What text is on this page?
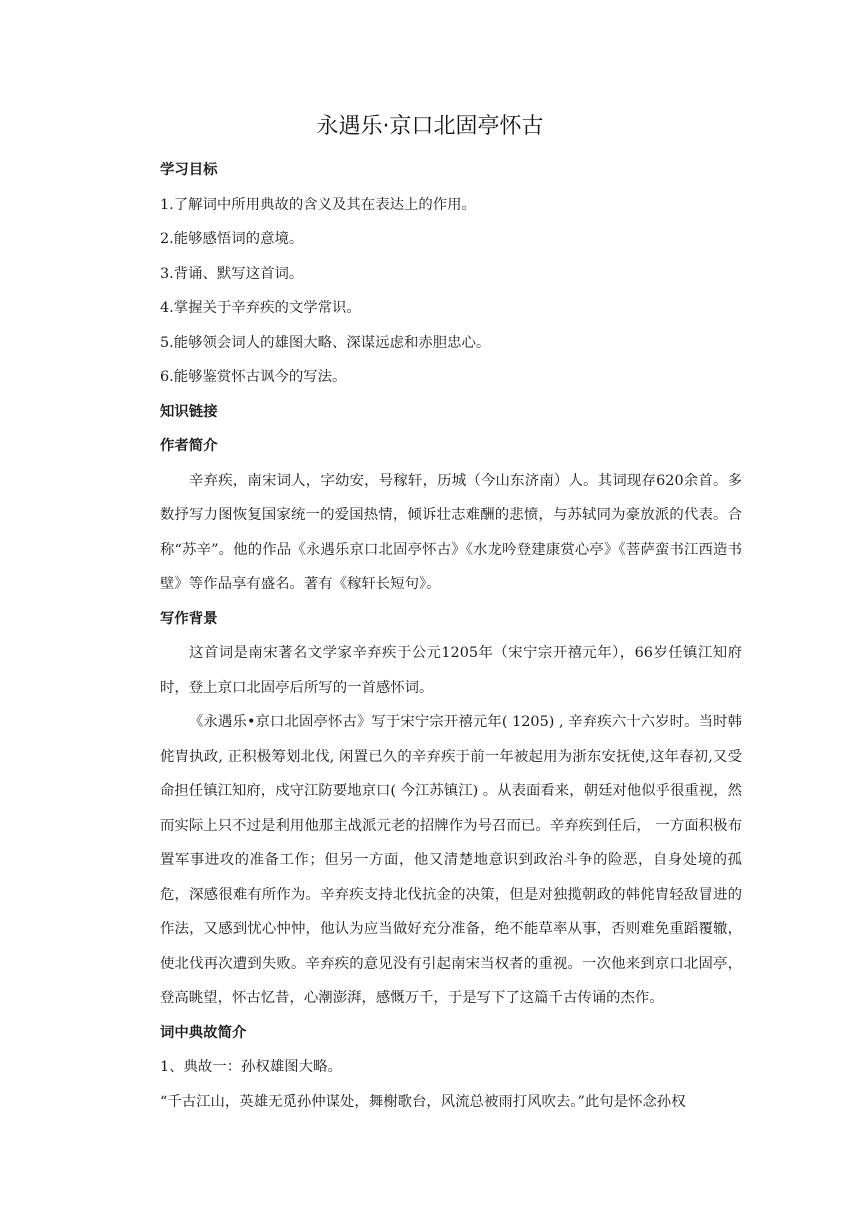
永遇乐·京口北固亭怀古

学习目标

1.了解词中所用典故的含义及其在表达上的作用。

2.能够感悟词的意境。

3.背诵、默写这首词。

4.掌握关于辛弃疾的文学常识。

5.能够领会词人的雄图大略、深谋远虑和赤胆忠心。

6.能够鉴赏怀古讽今的写法。

知识链接

作者简介

辛弃疾，南宋词人，字幼安，号稼轩，历城（今山东济南）人。其词现存620余首。多数抒写力图恢复国家统一的爱国热情，倾诉壮志难酬的悲愤，与苏轼同为豪放派的代表。合称“苏辛”。他的作品《永遇乐京口北固亭怀古》《水龙吟登建康赏心亭》《菩萨蛮书江西造书壁》等作品享有盛名。著有《稼轩长短句》。

写作背景

这首词是南宋著名文学家辛弃疾于公元1205年（宋宁宗开禧元年），66岁任镇江知府时，登上京口北固亭后所写的一首感怀词。

《永遇乐•京口北固亭怀古》写于宋宁宗开禧元年( 1205) , 辛弃疾六十六岁时。当时韩侂胄执政, 正积极筹划北伐, 闲置已久的辛弃疾于前一年被起用为浙东安抚使,这年春初,又受命担任镇江知府，戍守江防要地京口( 今江苏镇江) 。从表面看来，朝廷对他似乎很重视，然而实际上只不过是利用他那主战派元老的招牌作为号召而已。辛弃疾到任后， 一方面积极布置军事进攻的准备工作；但另一方面，他又清楚地意识到政治斗争的险恶，自身处境的孤危，深感很难有所作为。辛弃疾支持北伐抗金的决策，但是对独揽朝政的韩侂胄轻敌冒进的作法，又感到忧心忡忡，他认为应当做好充分准备，绝不能草率从事，否则难免重蹈覆辙，使北伐再次遭到失败。辛弃疾的意见没有引起南宋当权者的重视。一次他来到京口北固亭，登高眺望，怀古忆昔，心潮澎湃，感慨万千，于是写下了这篇千古传诵的杰作。

词中典故简介

1、典故一：孙权雄图大略。

“千古江山，英雄无觅孙仲谋处，舞榭歌台，风流总被雨打风吹去。”此句是怀念孙权
